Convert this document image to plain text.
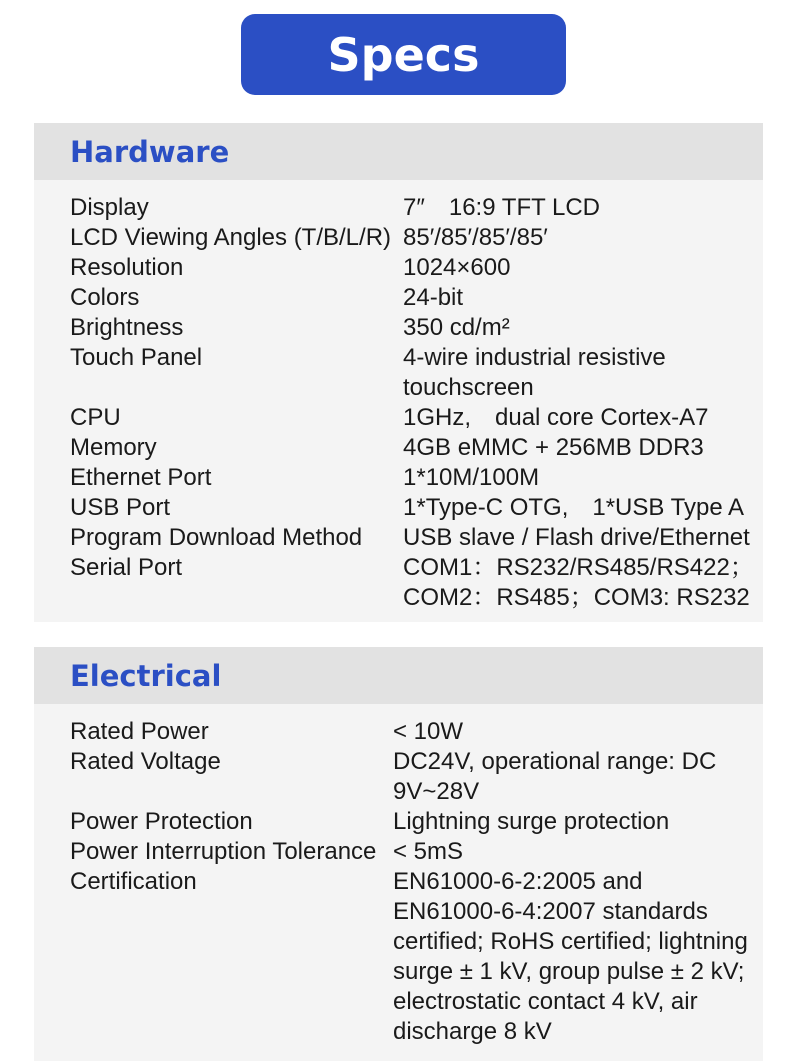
Specs
Hardware
Display	7″　16:9 TFT LCD
LCD Viewing Angles (T/B/L/R) 85′/85′/85′/85′
Resolution	1024×600
Colors	24-bit
Brightness	350 cd/m²
Touch Panel	4-wire industrial resistive touchscreen
CPU	1GHz,　dual core Cortex-A7
Memory	4GB eMMC + 256MB DDR3
Ethernet Port	1*10M/100M
USB Port	1*Type-C OTG,　1*USB Type A
Program Download Method	USB slave / Flash drive/Ethernet
Serial Port	COM1：RS232/RS485/RS422；COM2：RS485；COM3: RS232
Electrical
Rated Power	< 10W
Rated Voltage	DC24V, operational range: DC 9V~28V
Power Protection	Lightning surge protection
Power Interruption Tolerance < 5mS
Certification	EN61000-6-2:2005 and EN61000-6-4:2007 standards certified; RoHS certified; lightning surge ± 1 kV, group pulse ± 2 kV; electrostatic contact 4 kV, air discharge 8 kV
